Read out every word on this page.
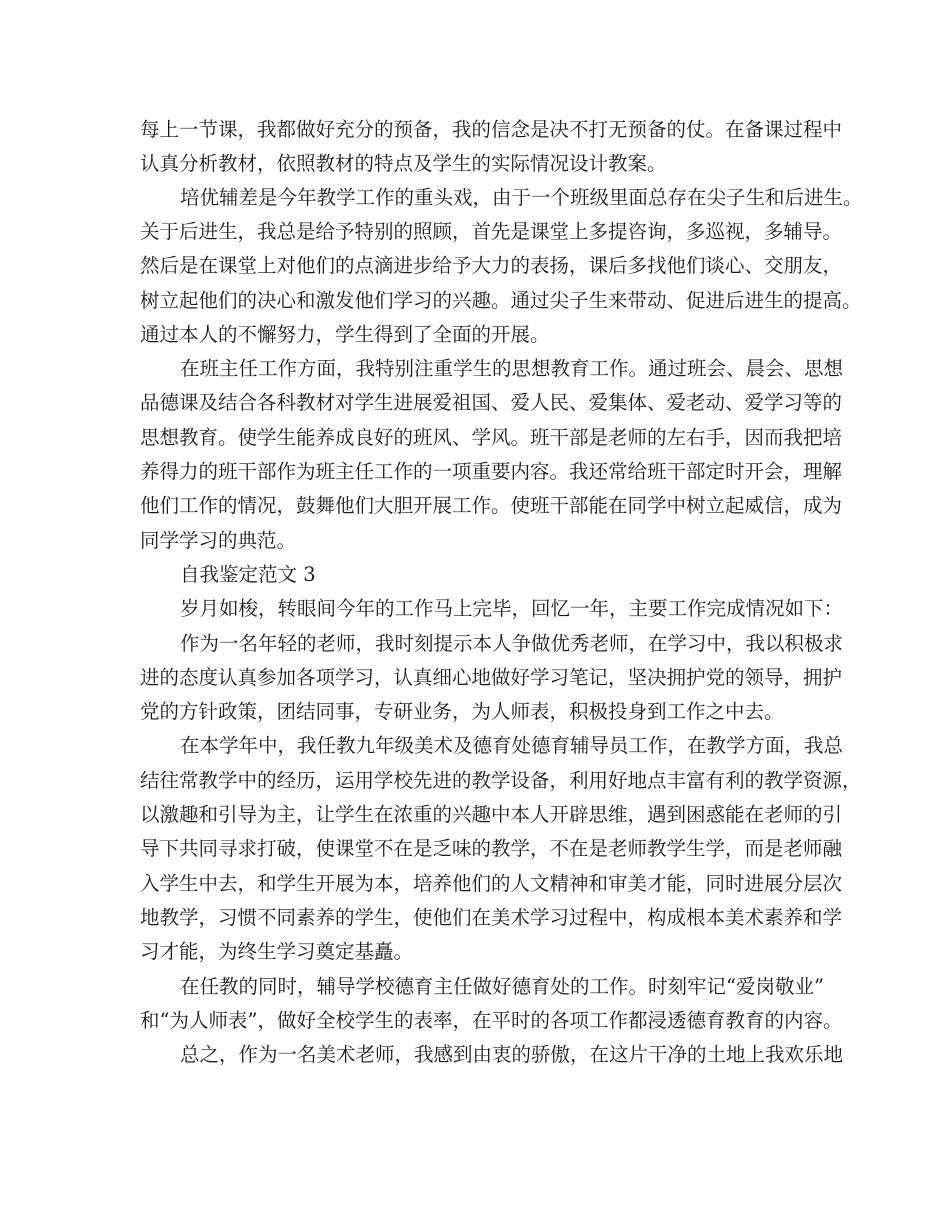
每上一节课，我都做好充分的预备，我的信念是决不打无预备的仗。在备课过程中
认真分析教材，依照教材的特点及学生的实际情况设计教案。
培优辅差是今年教学工作的重头戏，由于一个班级里面总存在尖子生和后进生。
关于后进生，我总是给予特别的照顾，首先是课堂上多提咨询，多巡视，多辅导。
然后是在课堂上对他们的点滴进步给予大力的表扬，课后多找他们谈心、交朋友，
树立起他们的决心和激发他们学习的兴趣。通过尖子生来带动、促进后进生的提高。
通过本人的不懈努力，学生得到了全面的开展。
在班主任工作方面，我特别注重学生的思想教育工作。通过班会、晨会、思想
品德课及结合各科教材对学生进展爱祖国、爱人民、爱集体、爱老动、爱学习等的
思想教育。使学生能养成良好的班风、学风。班干部是老师的左右手，因而我把培
养得力的班干部作为班主任工作的一项重要内容。我还常给班干部定时开会，理解
他们工作的情况，鼓舞他们大胆开展工作。使班干部能在同学中树立起威信，成为
同学学习的典范。
自我鉴定范文 3
岁月如梭，转眼间今年的工作马上完毕，回忆一年，主要工作完成情况如下：
作为一名年轻的老师，我时刻提示本人争做优秀老师，在学习中，我以积极求
进的态度认真参加各项学习，认真细心地做好学习笔记，坚决拥护党的领导，拥护
党的方针政策，团结同事，专研业务，为人师表，积极投身到工作之中去。
在本学年中，我任教九年级美术及德育处德育辅导员工作，在教学方面，我总
结往常教学中的经历，运用学校先进的教学设备，利用好地点丰富有利的教学资源，
以激趣和引导为主，让学生在浓重的兴趣中本人开辟思维，遇到困惑能在老师的引
导下共同寻求打破，使课堂不在是乏味的教学，不在是老师教学生学，而是老师融
入学生中去，和学生开展为本，培养他们的人文精神和审美才能，同时进展分层次
地教学，习惯不同素养的学生，使他们在美术学习过程中，构成根本美术素养和学
习才能，为终生学习奠定基矗。
在任教的同时，辅导学校德育主任做好德育处的工作。时刻牢记“爱岗敬业”
和“为人师表”，做好全校学生的表率，在平时的各项工作都浸透德育教育的内容。
总之，作为一名美术老师，我感到由衷的骄傲，在这片干净的土地上我欢乐地
